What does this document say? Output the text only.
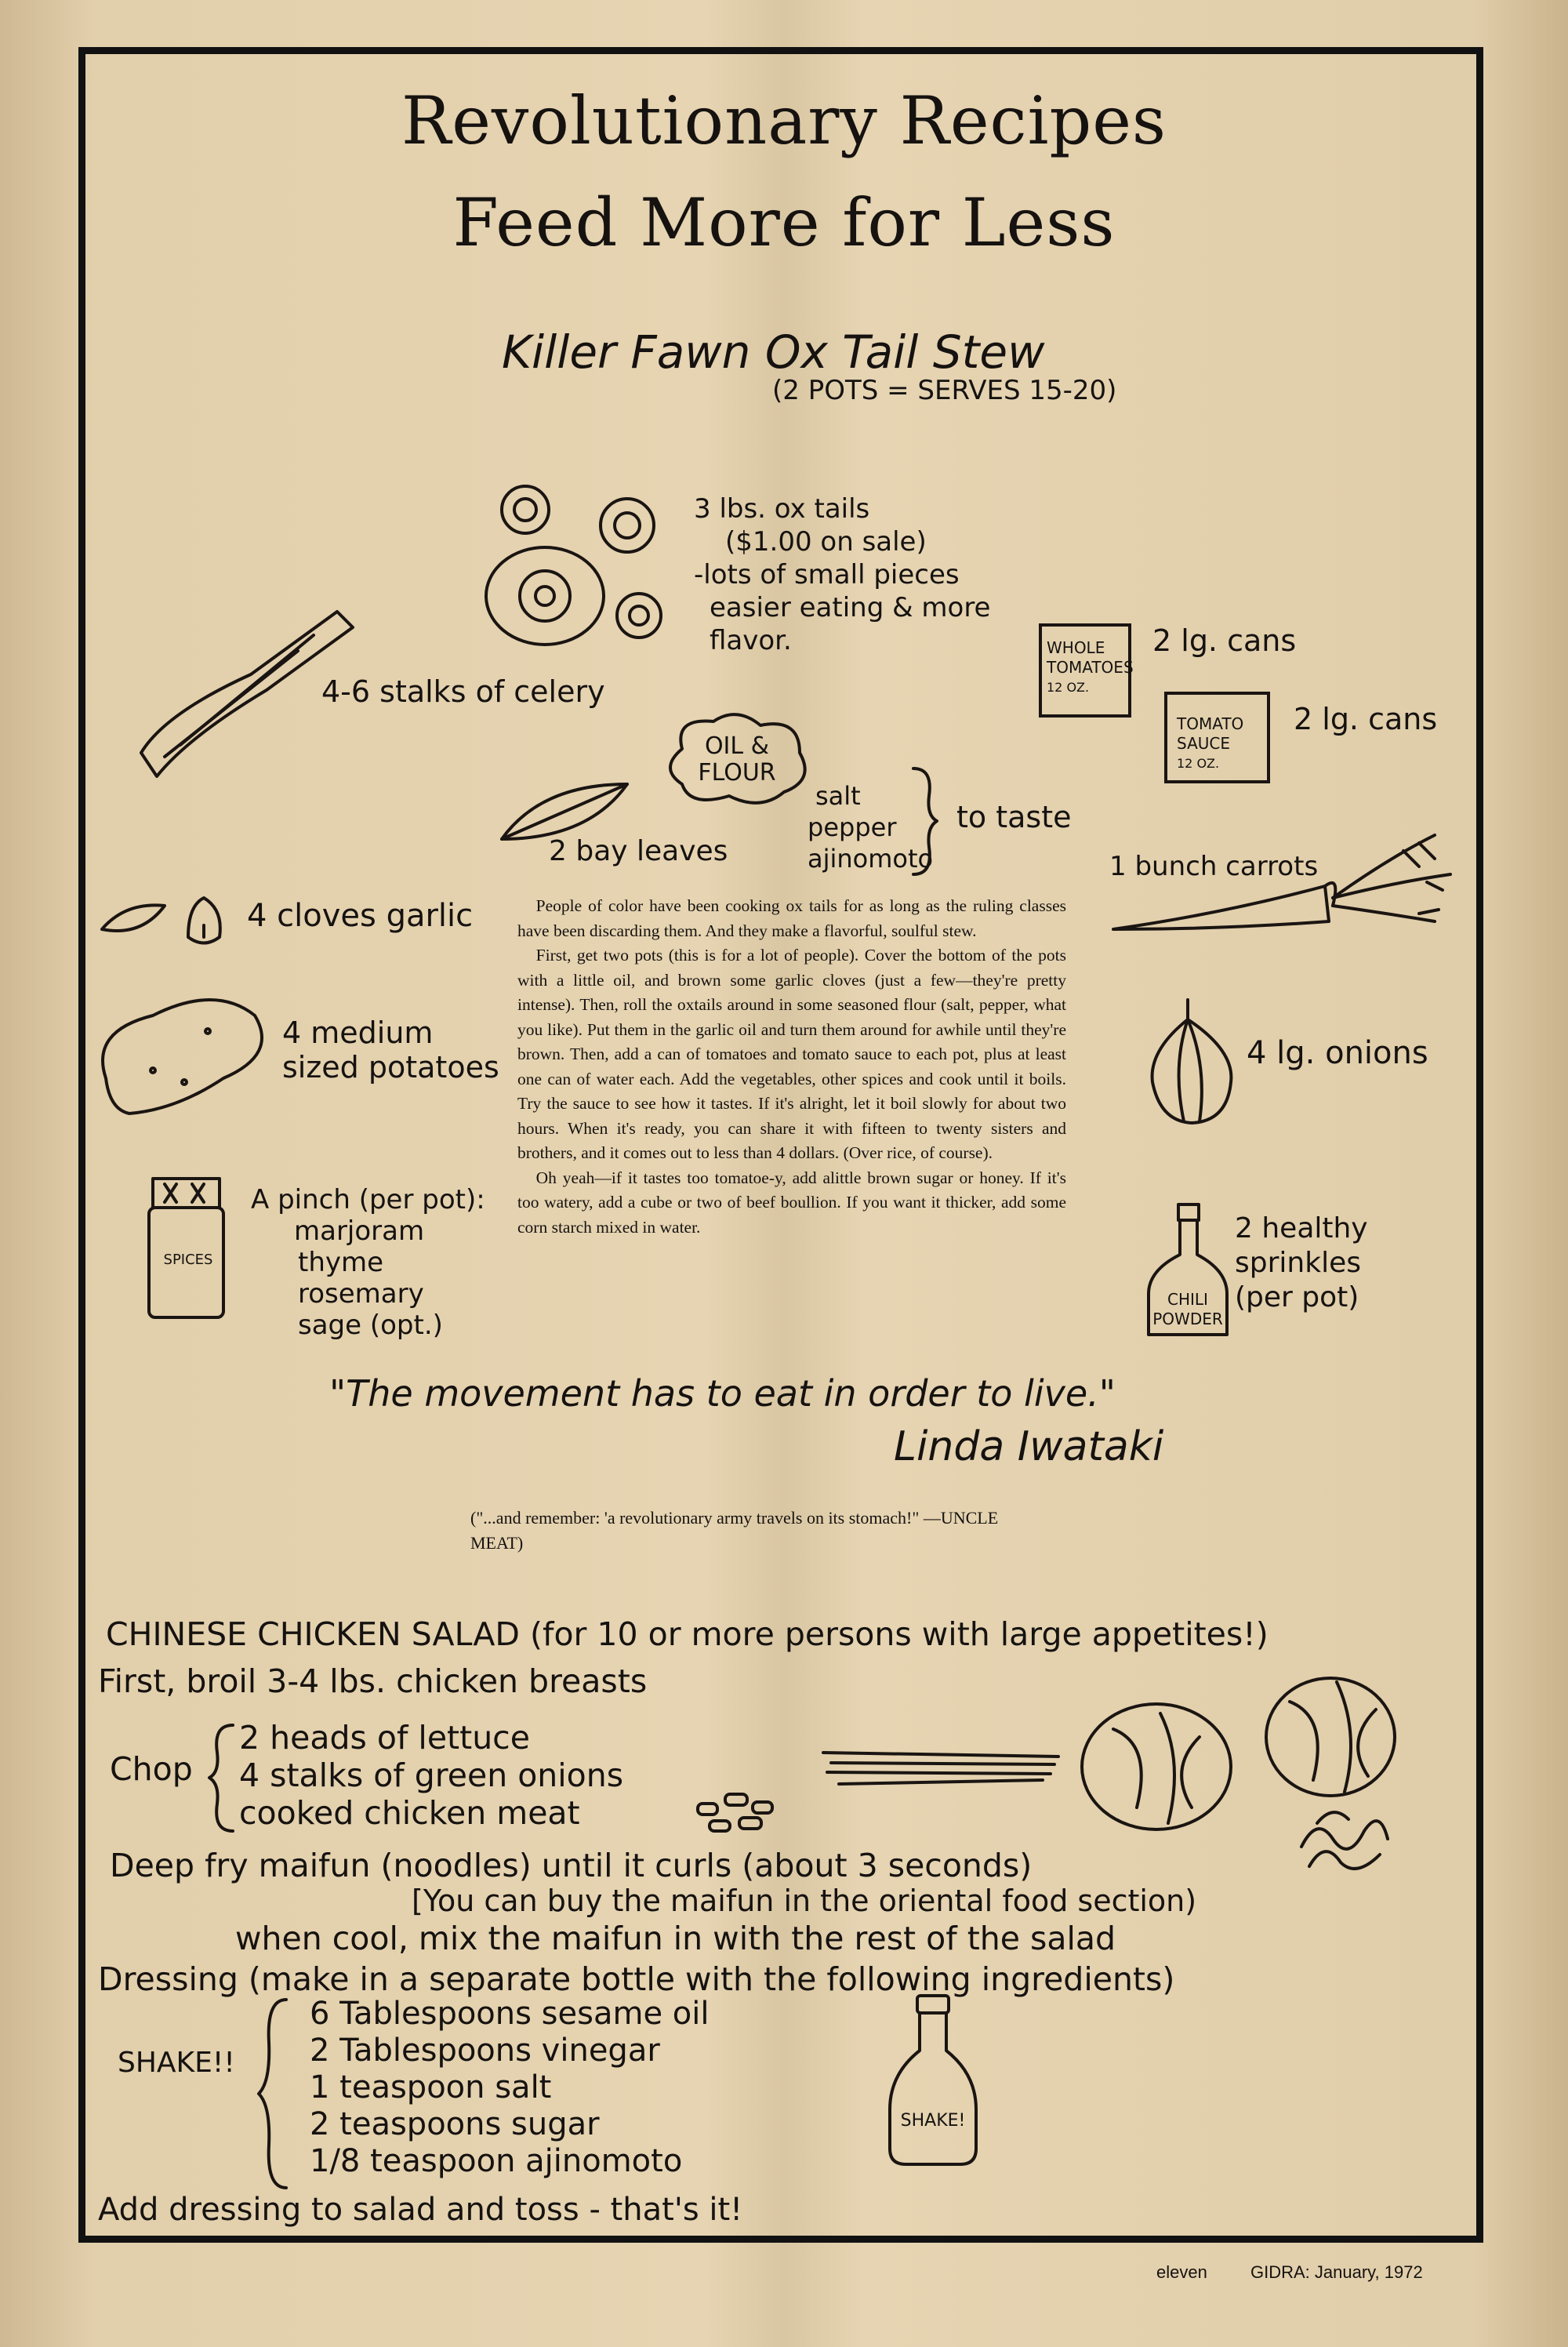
Revolutionary Recipes
Feed More for Less
Killer Fawn Ox Tail Stew
(2 POTS = SERVES 15-20)
3 lbs. ox tails
($1.00 on sale)
-lots of small pieces
easier eating & more
flavor.
4-6 stalks of celery
OIL &
FLOUR
2 bay leaves
salt
pepper
ajinomoto
to taste
WHOLE
TOMATOES
12 OZ.
2 lg. cans
TOMATO
SAUCE
12 OZ.
2 lg. cans
1 bunch carrots
4 cloves garlic
4 medium
sized potatoes	4 lg. onions
SPICES
A pinch (per pot):
marjoram
thyme
rosemary
sage (opt.)
CHILI
POWDER
2 healthy
sprinkles
(per pot)

People of color have been cooking ox tails for as long as the ruling classes have been discarding them. And they make a flavorful, soulful stew.

First, get two pots (this is for a lot of people). Cover the bottom of the pots with a little oil, and brown some garlic cloves (just a few—they're pretty intense). Then, roll the oxtails around in some seasoned flour (salt, pepper, what you like). Put them in the garlic oil and turn them around for awhile until they're brown. Then, add a can of tomatoes and tomato sauce to each pot, plus at least one can of water each. Add the vegetables, other spices and cook until it boils. Try the sauce to see how it tastes. If it's alright, let it boil slowly for about two hours. When it's ready, you can share it with fifteen to twenty sisters and brothers, and it comes out to less than 4 dollars. (Over rice, of course).

Oh yeah—if it tastes too tomatoe-y, add alittle brown sugar or honey. If it's too watery, add a cube or two of beef boullion. If you want it thicker, add some corn starch mixed in water.

"The movement has to eat in order to live."
Linda Iwataki
("...and remember: 'a revolutionary army travels on its stomach!" —UNCLE MEAT)
CHINESE CHICKEN SALAD (for 10 or more persons with large appetites!)
First, broil 3-4 lbs. chicken breasts
Chop
2 heads of lettuce
4 stalks of green onions
cooked chicken meat
Deep fry maifun (noodles) until it curls (about 3 seconds)
[You can buy the maifun in the oriental food section)
when cool, mix the maifun in with the rest of the salad
Dressing (make in a separate bottle with the following ingredients)
SHAKE!!
6 Tablespoons sesame oil
2 Tablespoons vinegar
1 teaspoon salt
2 teaspoons sugar
1/8 teaspoon ajinomoto
SHAKE!
Add dressing to salad and toss - that's it!
eleven	GIDRA: January, 1972
